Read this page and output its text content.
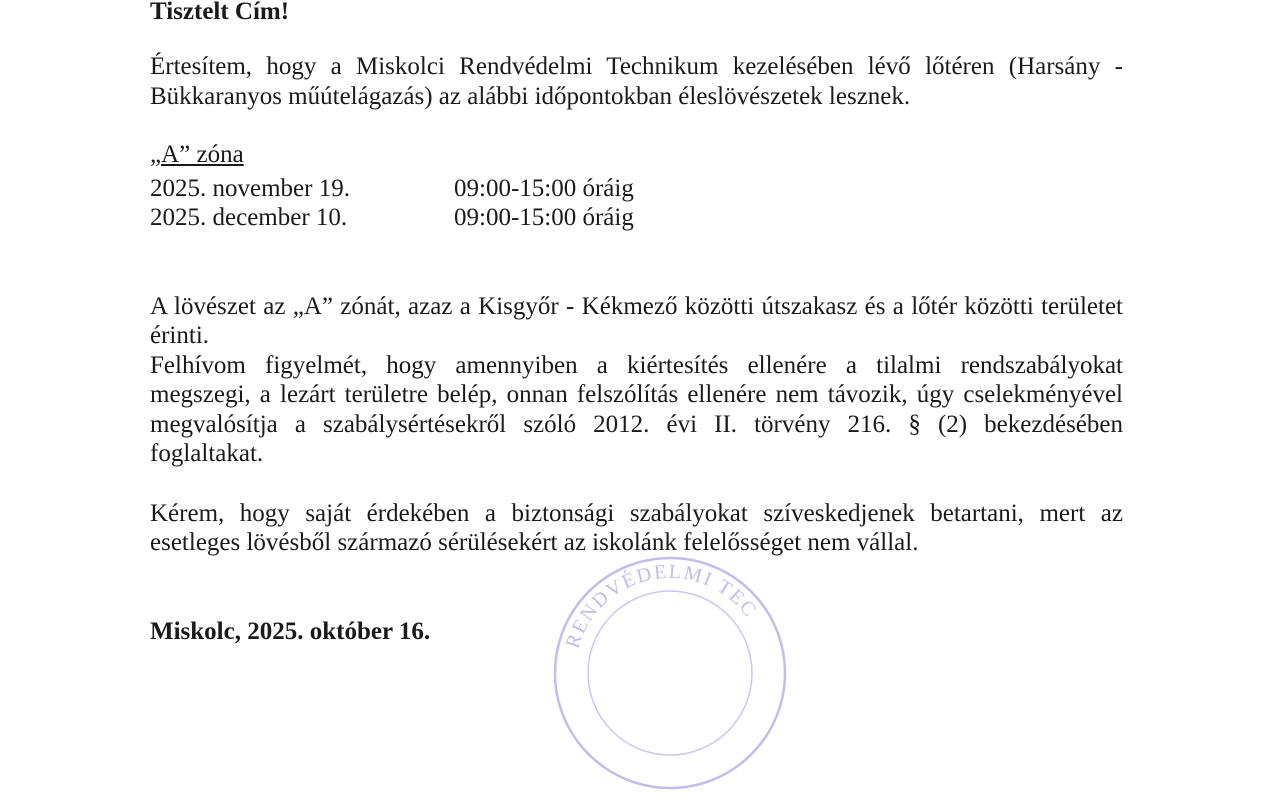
Tisztelt Cím!
Értesítem, hogy a Miskolci Rendvédelmi Technikum kezelésében lévő lőtéren (Harsány -
Bükkaranyos műútelágazás) az alábbi időpontokban éleslövészetek lesznek.
„A” zóna
2025. november 19.	09:00-15:00 óráig
2025. december 10.	09:00-15:00 óráig
A lövészet az „A” zónát, azaz a Kisgyőr - Kékmező közötti útszakasz és a lőtér közötti területet
érinti.
Felhívom figyelmét, hogy amennyiben a kiértesítés ellenére a tilalmi rendszabályokat
megszegi, a lezárt területre belép, onnan felszólítás ellenére nem távozik, úgy cselekményével
megvalósítja a szabálysértésekről szóló 2012. évi II. törvény 216. § (2) bekezdésében
foglaltakat.
Kérem, hogy saját érdekében a biztonsági szabályokat szíveskedjenek betartani, mert az
esetleges lövésből származó sérülésekért az iskolánk felelősséget nem vállal.
RENDVÉDELMI TEC
Miskolc, 2025. október 16.
